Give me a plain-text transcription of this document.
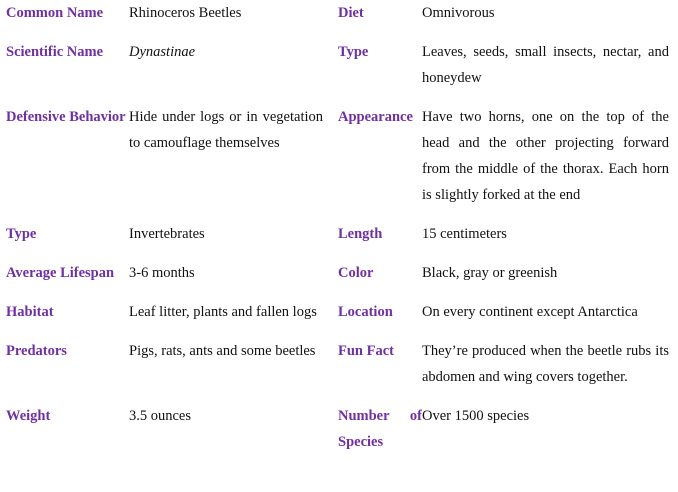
Common Name	Rhinoceros Beetles	Diet	Omnivorous

Scientific Name	Dynastinae	Type	Leaves, seeds, small insects, nectar, and honeydew

Defensive Behavior	Hide under logs or in vegetation to camouflage themselves	Appearance	Have two horns, one on the top of the head and the other projecting forward from the middle of the thorax. Each horn is slightly forked at the end

Type	Invertebrates	Length	15 centimeters

Average Lifespan	3-6 months	Color	Black, gray or greenish

Habitat	Leaf litter, plants and fallen logs	Location	On every continent except Antarctica

Predators	Pigs, rats, ants and some beetles	Fun Fact	They’re produced when the beetle rubs its abdomen and wing covers together.

Weight	3.5 ounces	Number of Species	Over 1500 species
